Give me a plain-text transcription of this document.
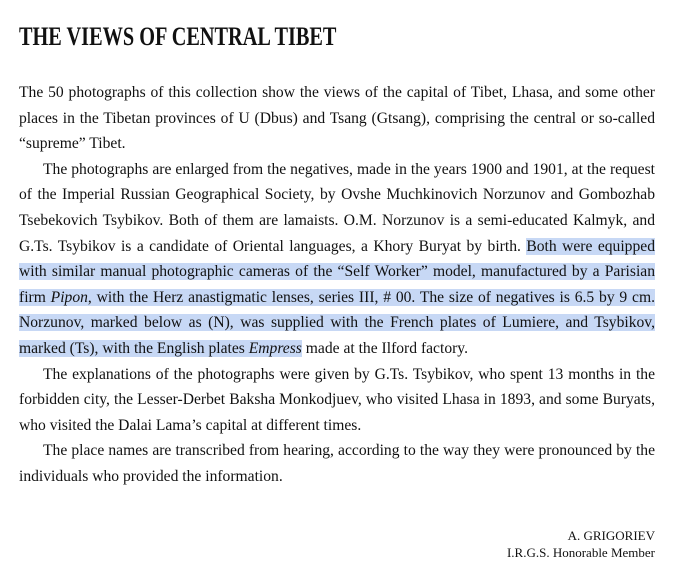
THE VIEWS OF CENTRAL TIBET

The 50 photographs of this collection show the views of the capital of Tibet, Lhasa, and some other places in the Tibetan provinces of U (Dbus) and Tsang (Gtsang), comprising the central or so-called “supreme” Tibet.

The photographs are enlarged from the negatives, made in the years 1900 and 1901, at the request of the Imperial Russian Geographical Society, by Ovshe Muchkinovich Norzunov and Gombozhab Tsebekovich Tsybikov. Both of them are lamaists. O.M. Norzunov is a semi-educated Kalmyk, and G.Ts. Tsybikov is a candidate of Oriental languages, a Khory Buryat by birth. Both were equipped with similar manual photographic cameras of the “Self Worker” model, manufactured by a Parisian firm Pipon, with the Herz anastigmatic lenses, series III, # 00. The size of negatives is 6.5 by 9 cm. Norzunov, marked below as (N), was supplied with the French plates of Lumiere, and Tsybikov, marked (Ts), with the English plates Empress made at the Ilford factory.

The explanations of the photographs were given by G.Ts. Tsybikov, who spent 13 months in the forbidden city, the Lesser-Derbet Baksha Monkodjuev, who visited Lhasa in 1893, and some Buryats, who visited the Dalai Lama’s capital at different times.

The place names are transcribed from hearing, according to the way they were pronounced by the individuals who provided the information.

A. GRIGORIEV
I.R.G.S. Honorable Member
